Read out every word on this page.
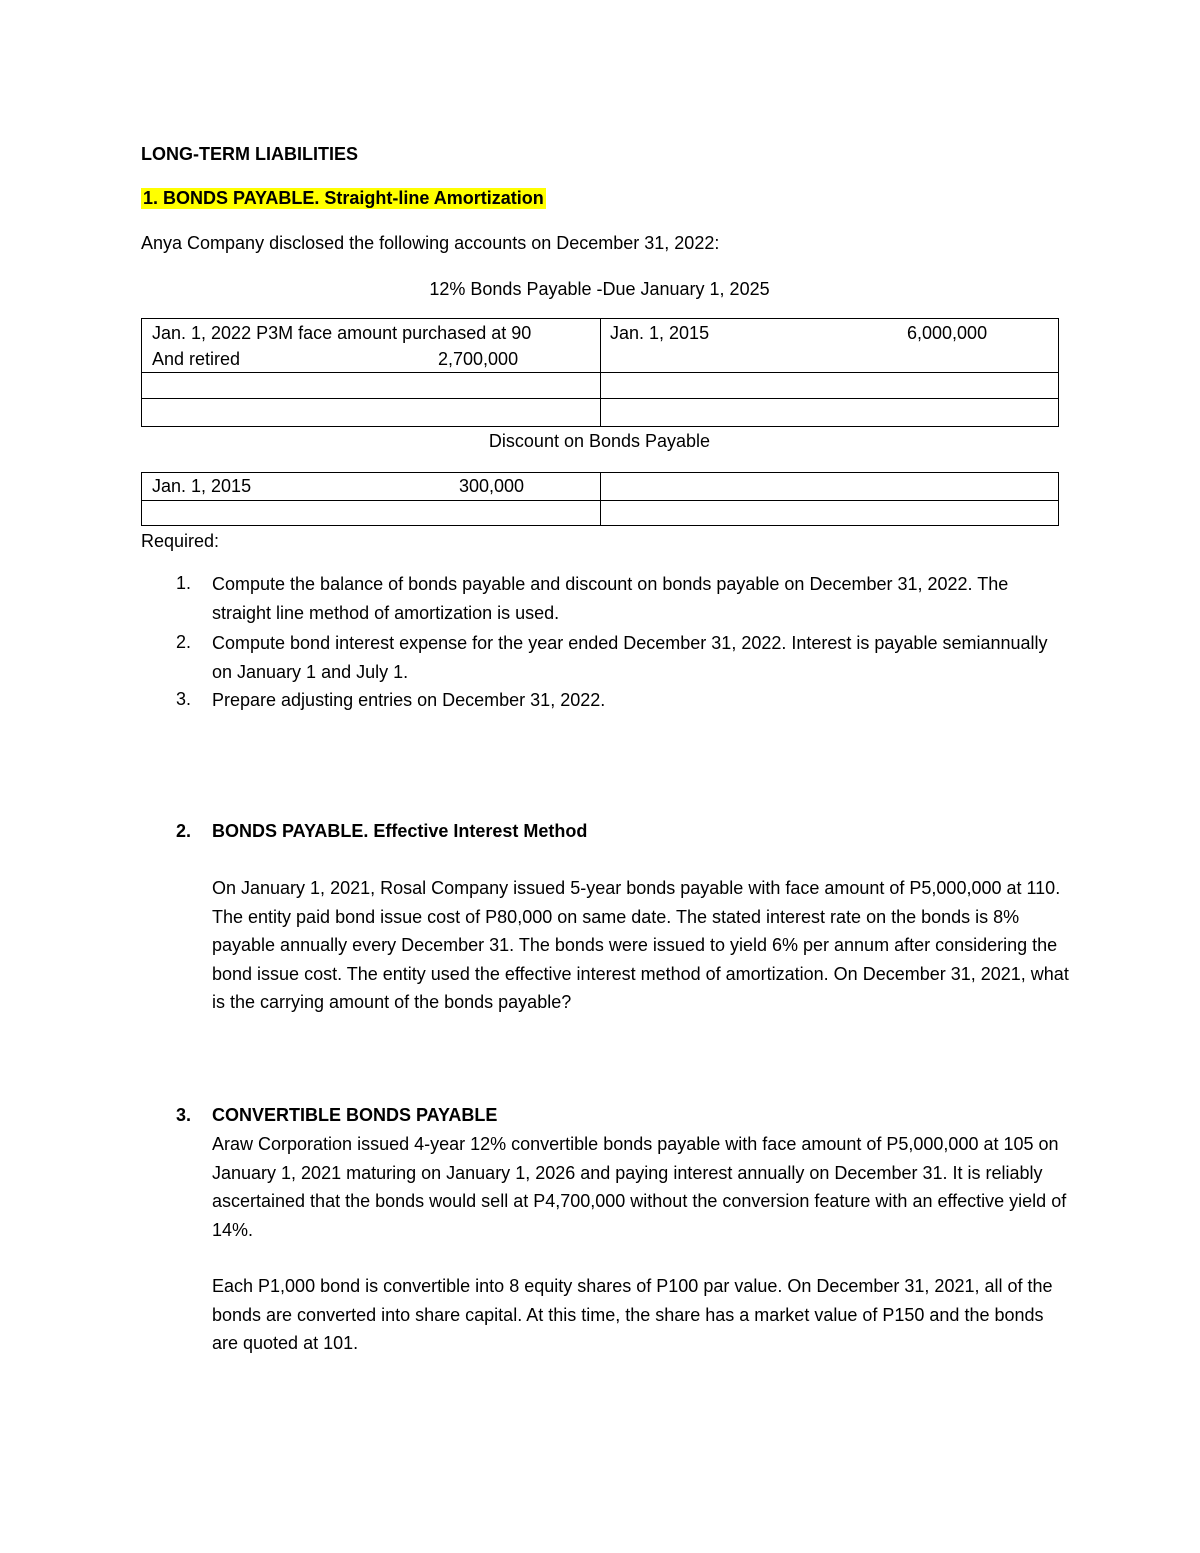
LONG-TERM LIABILITIES
1. BONDS PAYABLE. Straight-line Amortization
Anya Company disclosed the following accounts on December 31, 2022:
12% Bonds Payable -Due January 1, 2025
Jan. 1, 2022 P3M face amount purchased at 90
And retired 2,700,000	Jan. 1, 2015 6,000,000

Discount on Bonds Payable
Jan. 1, 2015 300,000	

Required:
1. Compute the balance of bonds payable and discount on bonds payable on December 31, 2022. The straight line method of amortization is used.
2. Compute bond interest expense for the year ended December 31, 2022. Interest is payable semiannually on January 1 and July 1.
3. Prepare adjusting entries on December 31, 2022.
2. BONDS PAYABLE. Effective Interest Method
On January 1, 2021, Rosal Company issued 5-year bonds payable with face amount of P5,000,000 at 110. The entity paid bond issue cost of P80,000 on same date. The stated interest rate on the bonds is 8% payable annually every December 31. The bonds were issued to yield 6% per annum after considering the bond issue cost. The entity used the effective interest method of amortization. On December 31, 2021, what is the carrying amount of the bonds payable?
3. CONVERTIBLE BONDS PAYABLE
Araw Corporation issued 4-year 12% convertible bonds payable with face amount of P5,000,000 at 105 on January 1, 2021 maturing on January 1, 2026 and paying interest annually on December 31. It is reliably ascertained that the bonds would sell at P4,700,000 without the conversion feature with an effective yield of 14%.
Each P1,000 bond is convertible into 8 equity shares of P100 par value. On December 31, 2021, all of the bonds are converted into share capital. At this time, the share has a market value of P150 and the bonds are quoted at 101.
